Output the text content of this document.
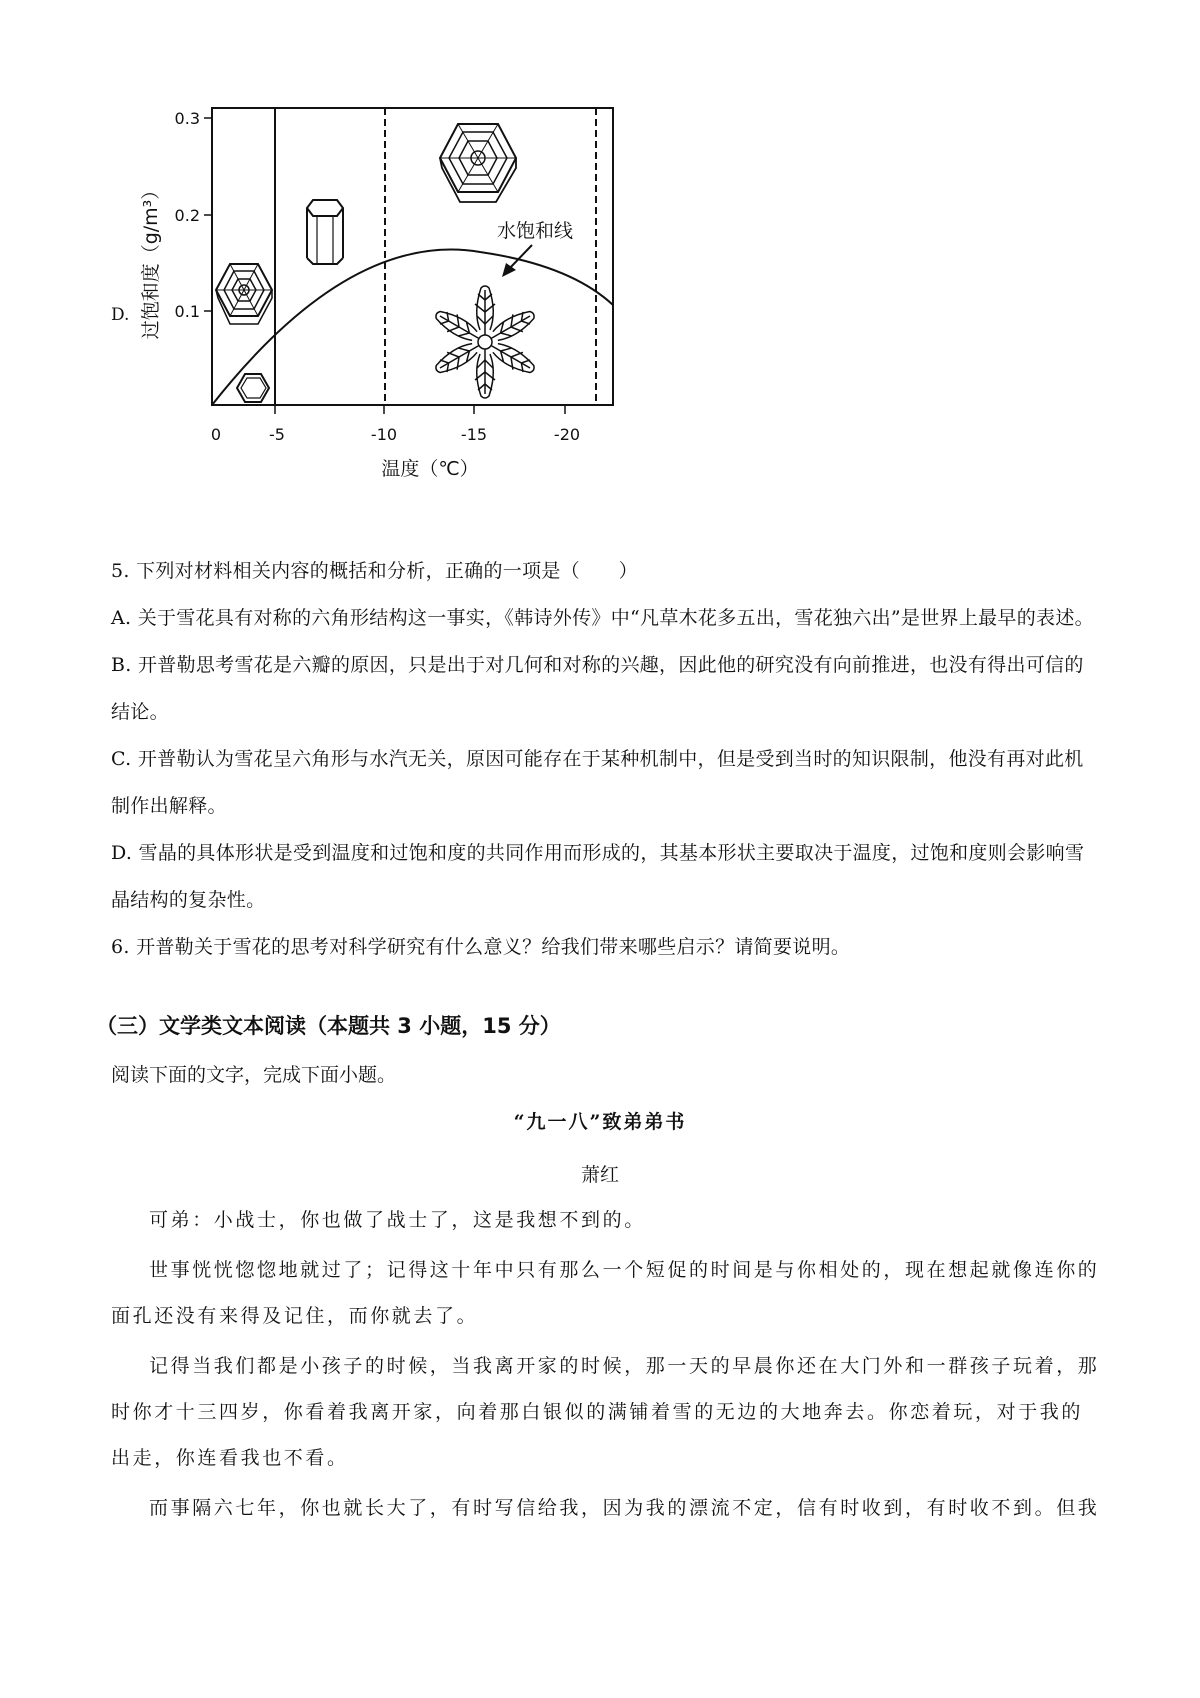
D.
0.3
0.2
0.1
过饱和度（g/m³）
0	-5	-10	-15	-20
温度（℃）
水饱和线

5. 下列对材料相关内容的概括和分析，正确的一项是（　　）

A. 关于雪花具有对称的六角形结构这一事实，《韩诗外传》中“凡草木花多五出，雪花独六出”是世界上最早的表述。

B. 开普勒思考雪花是六瓣的原因，只是出于对几何和对称的兴趣，因此他的研究没有向前推进，也没有得出可信的结论。

C. 开普勒认为雪花呈六角形与水汽无关，原因可能存在于某种机制中，但是受到当时的知识限制，他没有再对此机制作出解释。

D. 雪晶的具体形状是受到温度和过饱和度的共同作用而形成的，其基本形状主要取决于温度，过饱和度则会影响雪晶结构的复杂性。

6. 开普勒关于雪花的思考对科学研究有什么意义？给我们带来哪些启示？请简要说明。

（三）文学类文本阅读（本题共 3 小题，15 分）
阅读下面的文字，完成下面小题。
“九一八”致弟弟书
萧红

可弟：小战士，你也做了战士了，这是我想不到的。

世事恍恍惚惚地就过了；记得这十年中只有那么一个短促的时间是与你相处的，现在想起就像连你的面孔还没有来得及记住，而你就去了。

记得当我们都是小孩子的时候，当我离开家的时候，那一天的早晨你还在大门外和一群孩子玩着，那时你才十三四岁，你看着我离开家，向着那白银似的满铺着雪的无边的大地奔去。你恋着玩，对于我的出走，你连看我也不看。

而事隔六七年，你也就长大了，有时写信给我，因为我的漂流不定，信有时收到，有时收不到。但我
